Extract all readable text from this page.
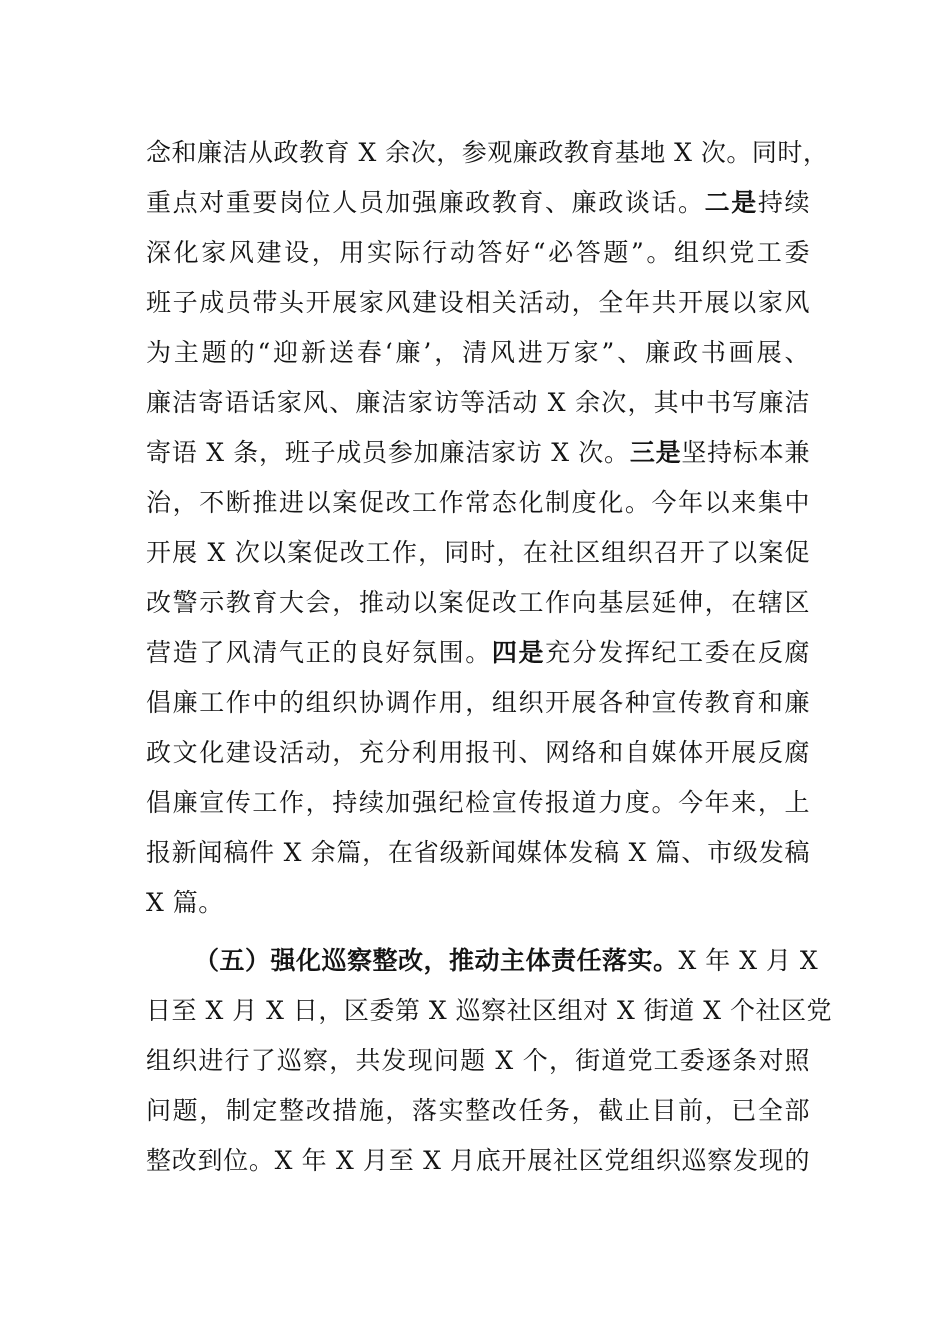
念和廉洁从政教育 X 余次，参观廉政教育基地 X 次。同时，
重点对重要岗位人员加强廉政教育、廉政谈话。二是持续
深化家风建设，用实际行动答好“必答题”。组织党工委
班子成员带头开展家风建设相关活动，全年共开展以家风
为主题的“迎新送春‘廉’，清风进万家”、廉政书画展、
廉洁寄语话家风、廉洁家访等活动 X 余次，其中书写廉洁
寄语 X 条，班子成员参加廉洁家访 X 次。三是坚持标本兼
治，不断推进以案促改工作常态化制度化。今年以来集中
开展 X 次以案促改工作，同时，在社区组织召开了以案促
改警示教育大会，推动以案促改工作向基层延伸，在辖区
营造了风清气正的良好氛围。四是充分发挥纪工委在反腐
倡廉工作中的组织协调作用，组织开展各种宣传教育和廉
政文化建设活动，充分利用报刊、网络和自媒体开展反腐
倡廉宣传工作，持续加强纪检宣传报道力度。今年来，上
报新闻稿件 X 余篇，在省级新闻媒体发稿 X 篇、市级发稿
X 篇。
（五）强化巡察整改，推动主体责任落实。X 年 X 月 X
日至 X 月 X 日，区委第 X 巡察社区组对 X 街道 X 个社区党
组织进行了巡察，共发现问题 X 个，街道党工委逐条对照
问题，制定整改措施，落实整改任务，截止目前，已全部
整改到位。X 年 X 月至 X 月底开展社区党组织巡察发现的
